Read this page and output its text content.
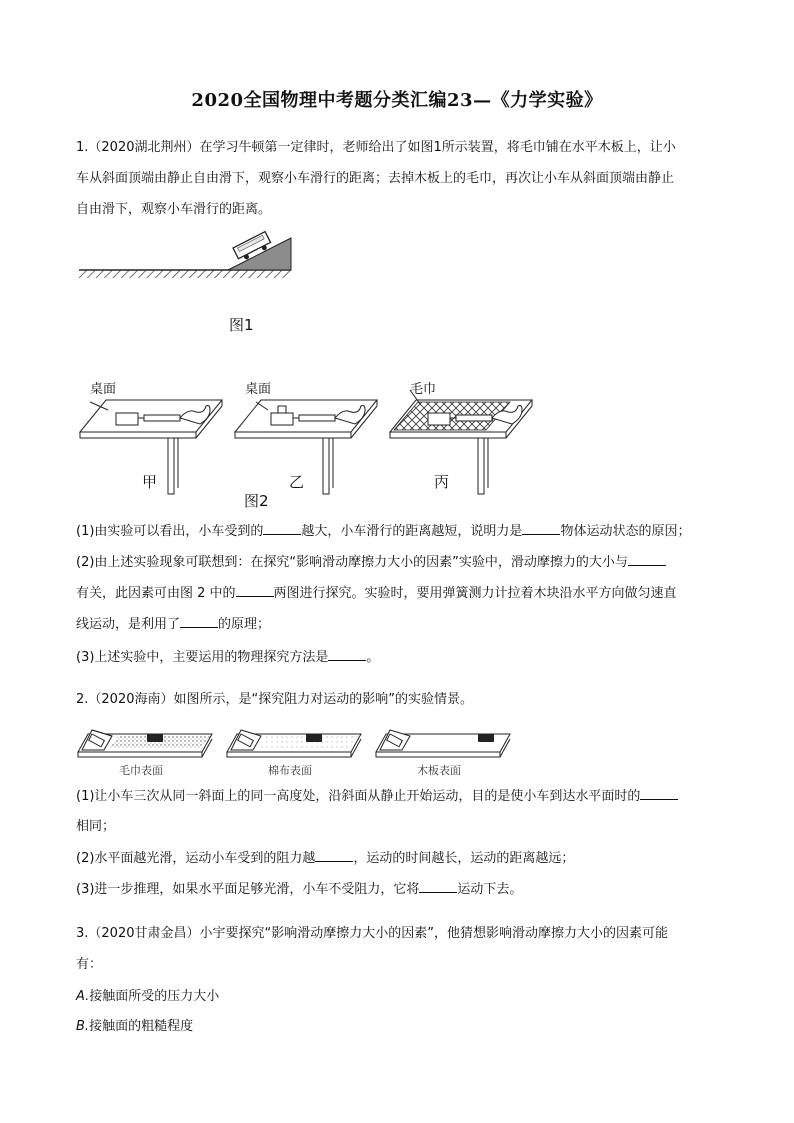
2020全国物理中考题分类汇编23—《力学实验》
1.（2020湖北荆州）在学习牛顿第一定律时，老师给出了如图1所示装置，将毛巾铺在水平木板上，让小
车从斜面顶端由静止自由滑下，观察小车滑行的距离；去掉木板上的毛巾，再次让小车从斜面顶端由静止
自由滑下，观察小车滑行的距离。
图1
桌面	桌面	毛巾
甲	乙	丙
图2
(1)由实验可以看出，小车受到的	越大，小车滑行的距离越短，说明力是	物体运动状态的原因；
(2)由上述实验现象可联想到：在探究“影响滑动摩擦力大小的因素”实验中，滑动摩擦力的大小与
有关，此因素可由图 2 中的	两图进行探究。实验时，要用弹簧测力计拉着木块沿水平方向做匀速直
线运动，是利用了	的原理；
(3)上述实验中，主要运用的物理探究方法是	。
2.（2020海南）如图所示，是“探究阻力对运动的影响”的实验情景。
毛巾表面	棉布表面	木板表面
(1)让小车三次从同一斜面上的同一高度处，沿斜面从静止开始运动，目的是使小车到达水平面时的
相同；
(2)水平面越光滑，运动小车受到的阻力越	，运动的时间越长，运动的距离越远；
(3)进一步推理，如果水平面足够光滑，小车不受阻力，它将	运动下去。
3.（2020甘肃金昌）小宇要探究“影响滑动摩擦力大小的因素”，他猜想影响滑动摩擦力大小的因素可能
有：
A.接触面所受的压力大小
B.接触面的粗糙程度
